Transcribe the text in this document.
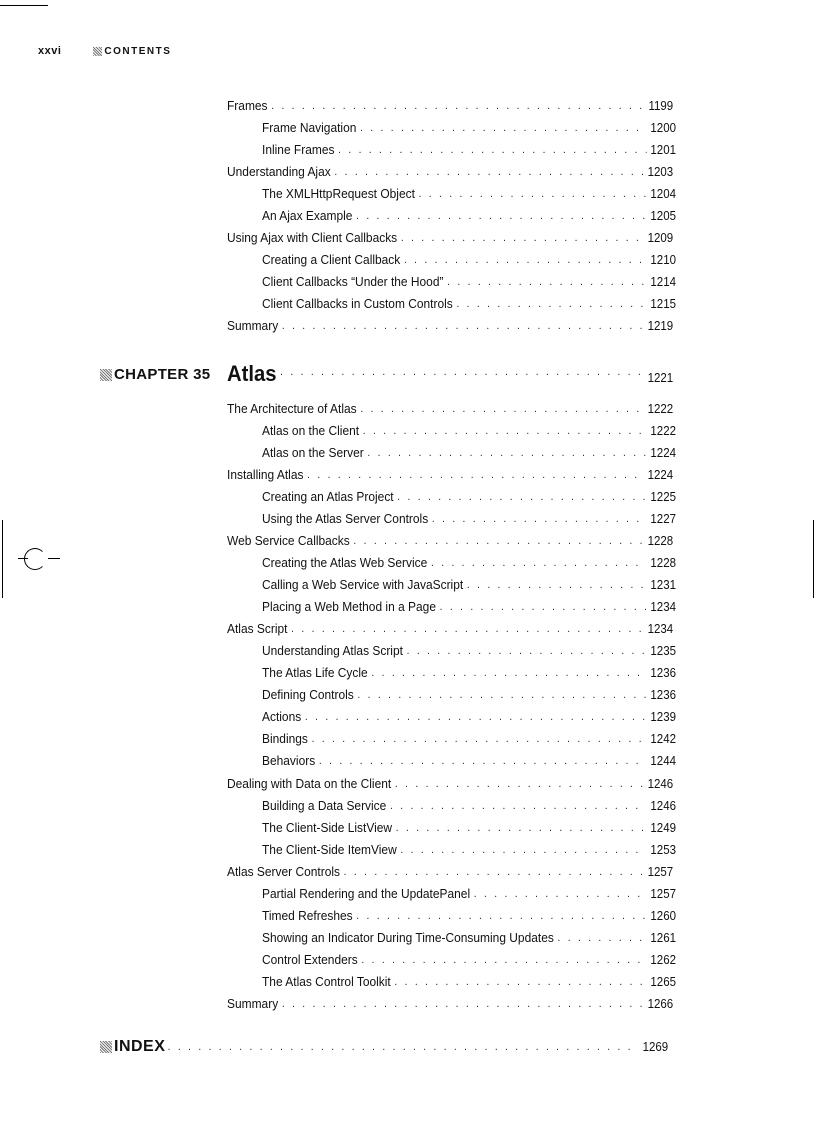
xxvi	CONTENTS
Frames . . .	1199
Frame Navigation . . .	1200
Inline Frames . . .	1201
Understanding Ajax . . .	1203
The XMLHttpRequest Object . . .	1204
An Ajax Example . . .	1205
Using Ajax with Client Callbacks . . .	1209
Creating a Client Callback . . .	1210
Client Callbacks “Under the Hood” . . .	1214
Client Callbacks in Custom Controls . . .	1215
Summary . . .	1219
CHAPTER 35 Atlas . . .	1221
The Architecture of Atlas . . .	1222
Atlas on the Client . . .	1222
Atlas on the Server . . .	1224
Installing Atlas . . .	1224
Creating an Atlas Project . . .	1225
Using the Atlas Server Controls . . .	1227
Web Service Callbacks . . .	1228
Creating the Atlas Web Service . . .	1228
Calling a Web Service with JavaScript . . .	1231
Placing a Web Method in a Page . . .	1234
Atlas Script . . .	1234
Understanding Atlas Script . . .	1235
The Atlas Life Cycle . . .	1236
Defining Controls . . .	1236
Actions . . .	1239
Bindings . . .	1242
Behaviors . . .	1244
Dealing with Data on the Client . . .	1246
Building a Data Service . . .	1246
The Client-Side ListView . . .	1249
The Client-Side ItemView . . .	1253
Atlas Server Controls . . .	1257
Partial Rendering and the UpdatePanel . . .	1257
Timed Refreshes . . .	1260
Showing an Indicator During Time-Consuming Updates . . .	1261
Control Extenders . . .	1262
The Atlas Control Toolkit . . .	1265
Summary . . .	1266
INDEX . . .	1269
